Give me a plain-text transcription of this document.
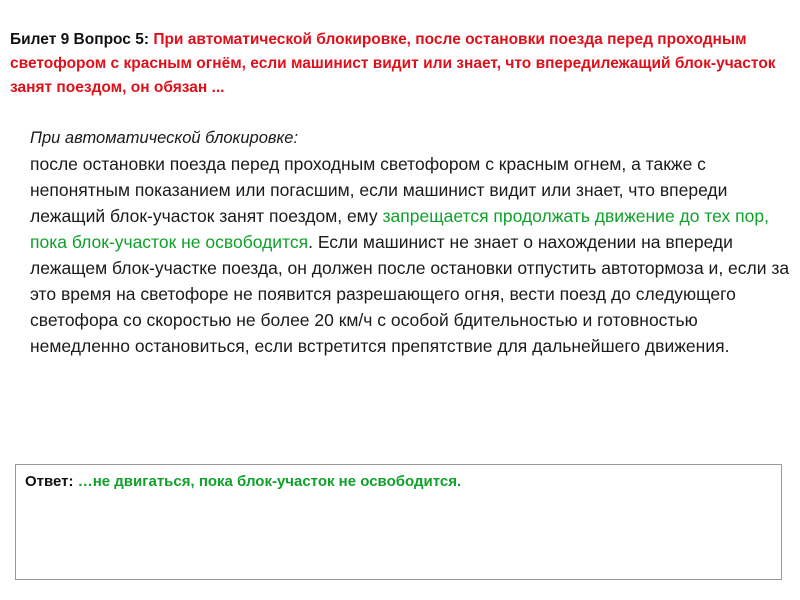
Билет 9 Вопрос 5: При автоматической блокировке, после остановки поезда перед проходным светофором с красным огнём, если машинист видит или знает, что впередилежащий блок-участок занят поездом, он обязан ...
При автоматической блокировке:
после остановки поезда перед проходным светофором с красным огнем, а также с непонятным показанием или погасшим, если машинист видит или знает, что впереди лежащий блок-участок занят поездом, ему запрещается продолжать движение до тех пор, пока блок-участок не освободится. Если машинист не знает о нахождении на впереди лежащем блок-участке поезда, он должен после остановки отпустить автотормоза и, если за это время на светофоре не появится разрешающего огня, вести поезд до следующего светофора со скоростью не более 20 км/ч с особой бдительностью и готовностью немедленно остановиться, если встретится препятствие для дальнейшего движения.
Ответ: …не двигаться, пока блок-участок не освободится.
